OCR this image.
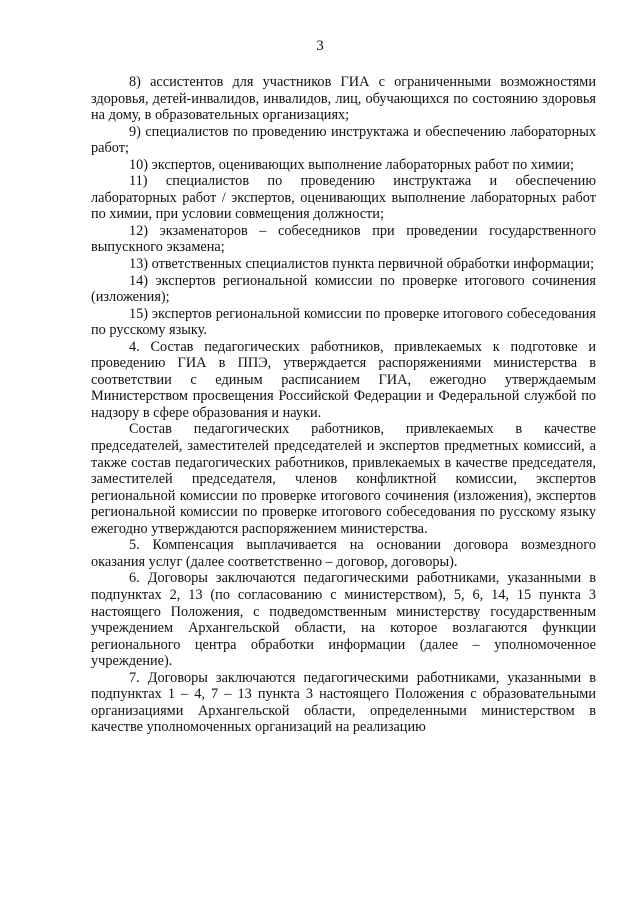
3

8) ассистентов для участников ГИА с ограниченными возможностями здоровья, детей-инвалидов, инвалидов, лиц, обучающихся по состоянию здоровья на дому, в образовательных организациях;

9) специалистов по проведению инструктажа и обеспечению лабораторных работ;

10) экспертов, оценивающих выполнение лабораторных работ по химии;

11) специалистов по проведению инструктажа и обеспечению лабораторных работ / экспертов, оценивающих выполнение лабораторных работ по химии, при условии совмещения должности;

12) экзаменаторов – собеседников при проведении государственного выпускного экзамена;

13) ответственных специалистов пункта первичной обработки информации;

14) экспертов региональной комиссии по проверке итогового сочинения (изложения);

15) экспертов региональной комиссии по проверке итогового собеседования по русскому языку.

4. Состав педагогических работников, привлекаемых к подготовке и проведению ГИА в ППЭ, утверждается распоряжениями министерства в соответствии с единым расписанием ГИА, ежегодно утверждаемым Министерством просвещения Российской Федерации и Федеральной службой по надзору в сфере образования и науки.

Состав педагогических работников, привлекаемых в качестве председателей, заместителей председателей и экспертов предметных комиссий, а также состав педагогических работников, привлекаемых в качестве председателя, заместителей председателя, членов конфликтной комиссии, экспертов региональной комиссии по проверке итогового сочинения (изложения), экспертов региональной комиссии по проверке итогового собеседования по русскому языку ежегодно утверждаются распоряжением министерства.

5. Компенсация выплачивается на основании договора возмездного оказания услуг (далее соответственно – договор, договоры).

6. Договоры заключаются педагогическими работниками, указанными в подпунктах 2, 13 (по согласованию с министерством), 5, 6, 14, 15 пункта 3 настоящего Положения, с подведомственным министерству государственным учреждением Архангельской области, на которое возлагаются функции регионального центра обработки информации (далее – уполномоченное учреждение).

7. Договоры заключаются педагогическими работниками, указанными в подпунктах 1 – 4, 7 – 13 пункта 3 настоящего Положения с образовательными организациями Архангельской области, определенными министерством в качестве уполномоченных организаций на реализацию
